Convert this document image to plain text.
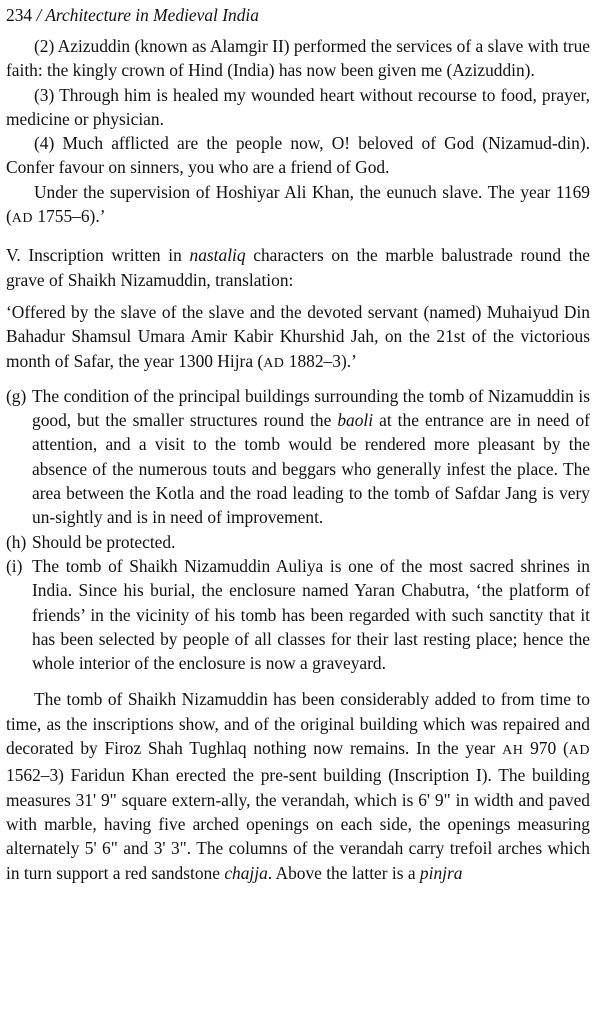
234 / Architecture in Medieval India

(2) Azizuddin (known as Alamgir II) performed the services of a slave with true faith: the kingly crown of Hind (India) has now been given me (Azizuddin).

(3) Through him is healed my wounded heart without recourse to food, prayer, medicine or physician.

(4) Much afflicted are the people now, O! beloved of God (Nizamud-din). Confer favour on sinners, you who are a friend of God.

Under the supervision of Hoshiyar Ali Khan, the eunuch slave. The year 1169 (AD 1755–6).’

V. Inscription written in nastaliq characters on the marble balustrade round the grave of Shaikh Nizamuddin, translation:

‘Offered by the slave of the slave and the devoted servant (named) Muhaiyud Din Bahadur Shamsul Umara Amir Kabir Khurshid Jah, on the 21st of the victorious month of Safar, the year 1300 Hijra (AD 1882–3).’

(g) The condition of the principal buildings surrounding the tomb of Nizamuddin is good, but the smaller structures round the baoli at the entrance are in need of attention, and a visit to the tomb would be rendered more pleasant by the absence of the numerous touts and beggars who generally infest the place. The area between the Kotla and the road leading to the tomb of Safdar Jang is very un-sightly and is in need of improvement.
(h) Should be protected.
(i) The tomb of Shaikh Nizamuddin Auliya is one of the most sacred shrines in India. Since his burial, the enclosure named Yaran Chabutra, ‘the platform of friends’ in the vicinity of his tomb has been regarded with such sanctity that it has been selected by people of all classes for their last resting place; hence the whole interior of the enclosure is now a graveyard.

The tomb of Shaikh Nizamuddin has been considerably added to from time to time, as the inscriptions show, and of the original building which was repaired and decorated by Firoz Shah Tughlaq nothing now remains. In the year AH 970 (AD 1562–3) Faridun Khan erected the pre-sent building (Inscription I). The building measures 31' 9" square extern-ally, the verandah, which is 6' 9" in width and paved with marble, having five arched openings on each side, the openings measuring alternately 5' 6" and 3' 3". The columns of the verandah carry trefoil arches which in turn support a red sandstone chajja. Above the latter is a pinjra
